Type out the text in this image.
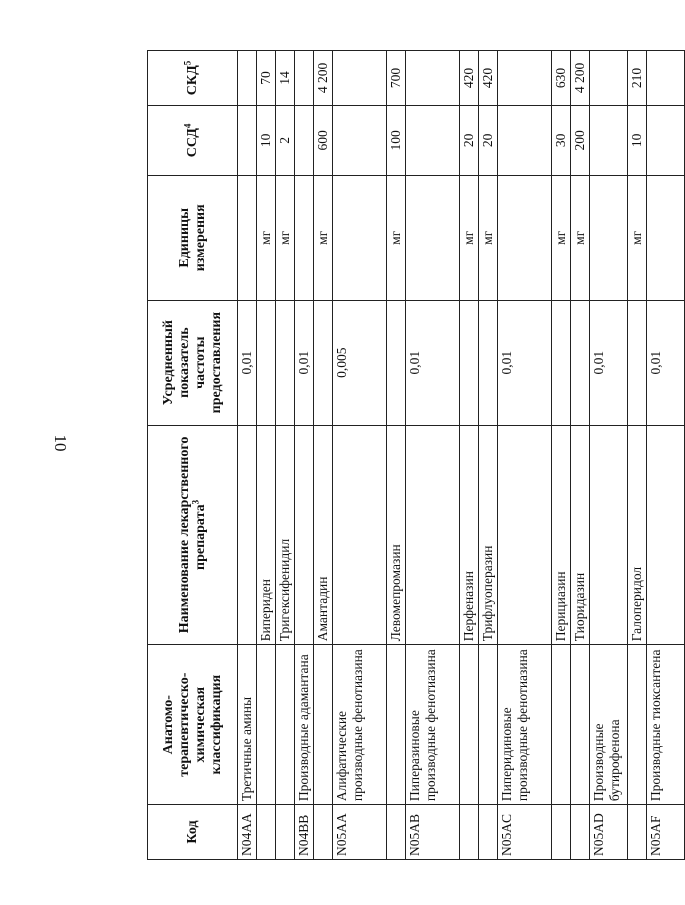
10
Код	Анатомо-терапевтическо-химическая классификация	Наименование лекарственного препарата$^3$	Усредненный показатель частоты предоставления	Единицы измерения	ССД$^4$	СКД$^5$
N04AA	Третичные амины		0,01			
		Бипериден		мг	10	70
		Тригексифенидил		мг	2	14
N04BB	Производные адамантана		0,01			
		Амантадин		мг	600	4 200
N05AA	Алифатические производные фенотиазина		0,005			
		Левомепромазин		мг	100	700
N05AB	Пиперазиновые производные фенотиазина		0,01			
		Перфеназин		мг	20	420
		Трифлуоперазин		мг	20	420
N05AC	Пиперидиновые производные фенотиазина		0,01			
		Перициазин		мг	30	630
		Тиоридазин		мг	200	4 200
N05AD	Производные бутирофенона		0,01			
		Галоперидол		мг	10	210
N05AF	Производные тиоксантена		0,01			
